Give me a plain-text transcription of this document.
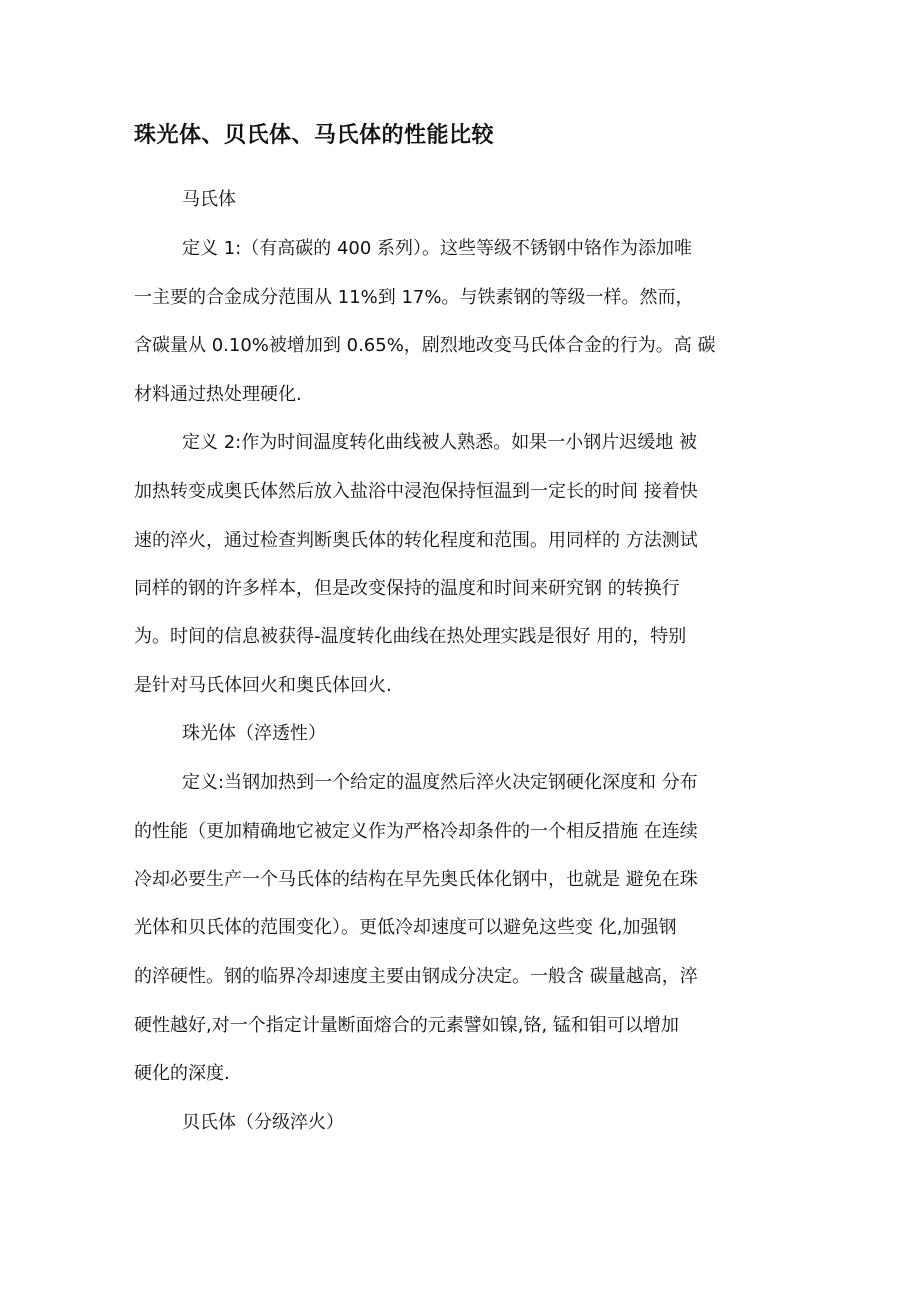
珠光体、贝氏体、马氏体的性能比较

马氏体

定义 1:（有高碳的 400 系列）。这些等级不锈钢中铬作为添加唯

一主要的合金成分范围从 11%到 17%。与铁素钢的等级一样。然而，

含碳量从 0.10%被增加到 0.65%，剧烈地改变马氏体合金的行为。高 碳

材料通过热处理硬化.

定义 2:作为时间温度转化曲线被人熟悉。如果一小钢片迟缓地 被

加热转变成奥氏体然后放入盐浴中浸泡保持恒温到一定长的时间 接着快

速的淬火，通过检查判断奥氏体的转化程度和范围。用同样的 方法测试

同样的钢的许多样本，但是改变保持的温度和时间来研究钢 的转换行

为。时间的信息被获得-温度转化曲线在热处理实践是很好 用的，特别

是针对马氏体回火和奥氏体回火.

珠光体（淬透性）

定义:当钢加热到一个给定的温度然后淬火决定钢硬化深度和 分布

的性能（更加精确地它被定义作为严格冷却条件的一个相反措施 在连续

冷却必要生产一个马氏体的结构在早先奥氏体化钢中，也就是 避免在珠

光体和贝氏体的范围变化）。更低冷却速度可以避免这些变 化,加强钢

的淬硬性。钢的临界冷却速度主要由钢成分决定。一般含 碳量越高，淬

硬性越好,对一个指定计量断面熔合的元素譬如镍,铬, 锰和钼可以增加

硬化的深度.

贝氏体（分级淬火）
